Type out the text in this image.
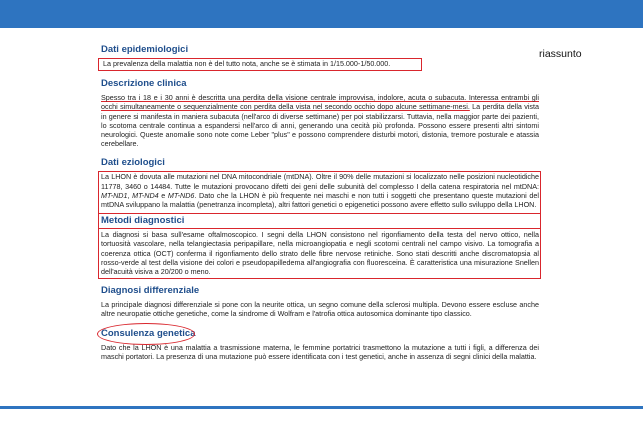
riassunto
Dati epidemiologici
La prevalenza della malattia non è del tutto nota, anche se è stimata in 1/15.000-1/50.000.
Descrizione clinica
Spesso tra i 18 e i 30 anni è descritta una perdita della visione centrale improvvisa, indolore, acuta o subacuta. Interessa entrambi gli occhi simultaneamente o sequenzialmente con perdita della vista nel secondo occhio dopo alcune settimane-mesi. La perdita della vista in genere si manifesta in maniera subacuta (nell'arco di diverse settimane) per poi stabilizzarsi. Tuttavia, nella maggior parte dei pazienti, lo scotoma centrale continua a espandersi nell'arco di anni, generando una cecità più profonda. Possono essere presenti altri sintomi neurologici. Queste anomalie sono note come Leber "plus" e possono comprendere disturbi motori, distonia, tremore posturale e atassia cerebellare.
Dati eziologici
La LHON è dovuta alle mutazioni nel DNA mitocondriale (mtDNA). Oltre il 90% delle mutazioni si localizzato nelle posizioni nucleotidiche 11778, 3460 o 14484. Tutte le mutazioni provocano difetti dei geni delle subunità del complesso I della catena respiratoria nel mtDNA: MT-ND1, MT-ND4 e MT-ND6. Dato che la LHON è più frequente nei maschi e non tutti i soggetti che presentano queste mutazioni del mtDNA sviluppano la malattia (penetranza incompleta), altri fattori genetici o epigenetici possono avere effetto sullo sviluppo della LHON.
Metodi diagnostici
La diagnosi si basa sull'esame oftalmoscopico. I segni della LHON consistono nel rigonfiamento della testa del nervo ottico, nella tortuosità vascolare, nella telangiectasia peripapillare, nella microangiopatia e negli scotomi centrali nel campo visivo. La tomografia a coerenza ottica (OCT) conferma il rigonfiamento dello strato delle fibre nervose retiniche. Sono stati descritti anche discromatopsia al rosso-verde al test della visione dei colori e pseudopapilledema all'angiografia con fluoresceina. È caratteristica una misurazione Snellen dell'acuità visiva a 20/200 o meno.
Diagnosi differenziale
La principale diagnosi differenziale si pone con la neurite ottica, un segno comune della sclerosi multipla. Devono essere escluse anche altre neuropatie ottiche genetiche, come la sindrome di Wolfram e l'atrofia ottica autosomica dominante tipo classico.
Consulenza genetica
Dato che la LHON è una malattia a trasmissione materna, le femmine portatrici trasmettono la mutazione a tutti i figli, a differenza dei maschi portatori. La presenza di una mutazione può essere identificata con i test genetici, anche in assenza di segni clinici della malattia.
